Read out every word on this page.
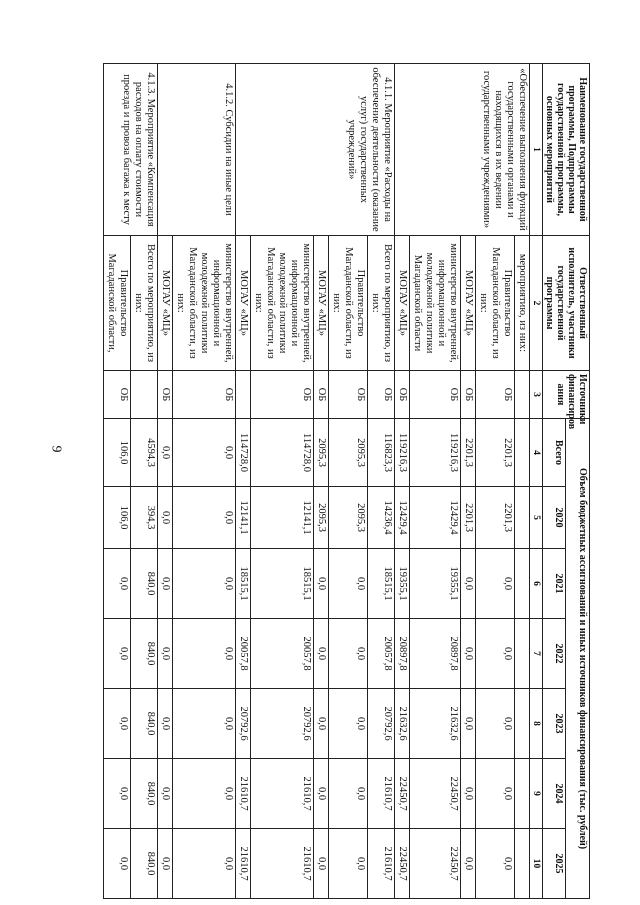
9
Наименование государственной программы, Подпрограммы государственной программы, основных мероприятий	Ответственный исполнитель, участники государственной программы	Источники финансиров ания	Объем бюджетных ассигнований и иных источников финансирования (тыс. рублей)						
			Всего	2020	2021	2022	2023	2024	2025
1	2	3	4	5	6	7	8	9	10
«Обеспечение выполнения функций государственными органами и находящихся в их ведении государственными учреждениями»	мероприятию, из них:								
	Правительство Магаданской области, из них:	ОБ	2201,3	2201,3	0,0	0,0	0,0	0,0	0,0
	МОГАУ «МЦ»	ОБ	2201,3	2201,3	0,0	0,0	0,0	0,0	0,0
	министерство внутренней, информационной и молодежной политики Магаданской области	ОБ	119216,3	12429,4	19355,1	20897,8	21632,6	22450,7	22450,7
	МОГАУ «МЦ»	ОБ	119216,3	12429,4	19355,1	20897,8	21632,6	22450,7	22450,7
4.1.1. Мероприятие «Расходы на обеспечение деятельности (оказание услуг) государственных учреждений»	Всего по мероприятию, из них:	ОБ	116823,3	14236,4	18515,1	20057,8	20792,6	21610,7	21610,7
	Правительство Магаданской области, из них:	ОБ	2095,3	2095,3	0,0	0,0	0,0	0,0	0,0
	МОГАУ «МЦ»	ОБ	2095,3	2095,3	0,0	0,0	0,0	0,0	0,0
	министерство внутренней, информационной и молодежной политики Магаданской области, из них:	ОБ	114728,0	12141,1	18515,1	20057,8	20792,6	21610,7	21610,7
	МОГАУ «МЦ»		114728,0	12141,1	18515,1	20057,8	20792,6	21610,7	21610,7
4.1.2. Субсидии на иные цели	министерство внутренней, информационной и молодежной политики Магаданской области, из них:	ОБ	0,0	0,0	0,0	0,0	0,0	0,0	0,0
	МОГАУ «МЦ»	ОБ	0,0	0,0	0,0	0,0	0,0	0,0	0,0
4.1.3. Мероприятие «Компенсация расходов на оплату стоимости проезда и провоза багажа к месту	Всего по мероприятию, из них:		4594,3	394,3	840,0	840,0	840,0	840,0	840,0
	Правительство Магаданской области,	ОБ	106,0	106,0	0,0	0,0	0,0	0,0	0,0
